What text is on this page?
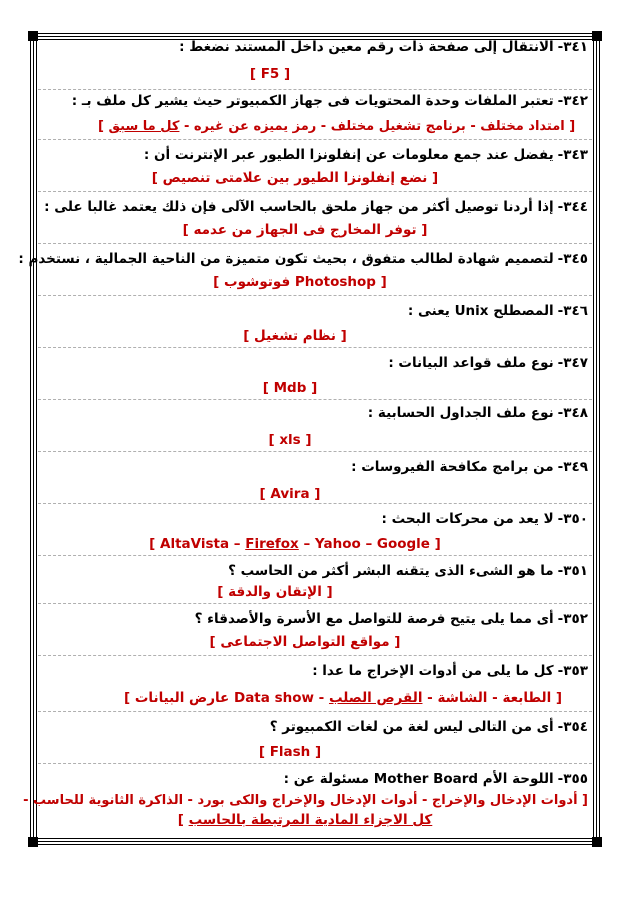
٣٤١-الانتقال إلى صفحة ذات رقم معين داخل المستند نضغط :
[ F5 ]
٣٤٢-تعتبر الملفات وحدة المحتويات فى جهاز الكمبيوتر حيث يشير كل ملف بـ :
[ امتداد مختلف - برنامج تشغيل مختلف - رمز يميزه عن غيره - كل ما سبق ]
٣٤٣-يفضل عند جمع معلومات عن إنفلونزا الطيور عبر الإنترنت أن :
[ نضع إنفلونزا الطيور بين علامتى تنصيص ]
٣٤٤-إذا أردنا توصيل أكثر من جهاز ملحق بالحاسب الآلى فإن ذلك يعتمد غالبا على :
[ توفر المخارج فى الجهاز من عدمه ]
٣٤٥-لتصميم شهادة لطالب متفوق ، بحيث تكون متميزة من الناحية الجمالية ، نستخدم :
[ Photoshop فوتوشوب ]
٣٤٦-المصطلح Unix يعنى :
[ نظام تشغيل ]
٣٤٧-نوع ملف قواعد البيانات :
[ Mdb ]
٣٤٨-نوع ملف الجداول الحسابية :
[ xls ]
٣٤٩-من برامج مكافحة الفيروسات :
[ Avira ]
٣٥٠-لا يعد من محركات البحث :
[ AltaVista – Firefox – Yahoo – Google ]
٣٥١-ما هو الشىء الذى يتقنه البشر أكثر من الحاسب ؟
[ الإتقان والدقة ]
٣٥٢-أى مما يلى يتيح فرصة للتواصل مع الأسرة والأصدقاء ؟
[ مواقع التواصل الاجتماعى ]
٣٥٣-كل ما يلى من أدوات الإخراج ما عدا :
[ الطابعة - الشاشة - القرص الصلب - Data show عارض البيانات ]
٣٥٤-أى من التالى ليس لغة من لغات الكمبيوتر ؟
[ Flash ]
٣٥٥-اللوحة الأم Mother Board مسئولة عن :
[ أدوات الإدخال والإخراج - أدوات الإدخال والإخراج والكى بورد - الذاكرة الثانوية للحاسب -
كل الاجزاء المادية المرتبطة بالحاسب ]
